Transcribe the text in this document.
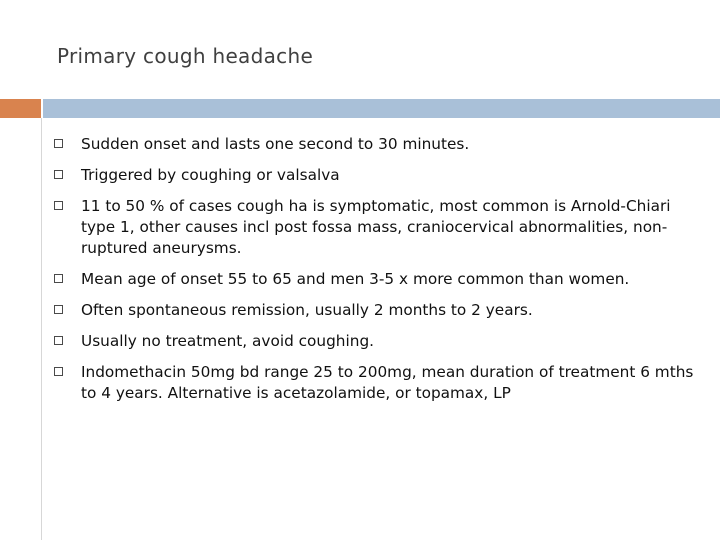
Primary cough headache
Sudden onset and lasts one second to 30 minutes.
Triggered by coughing or valsalva
11 to 50 % of cases cough ha is symptomatic, most common is Arnold-Chiari type 1, other causes incl post fossa mass, craniocervical abnormalities, non-ruptured aneurysms.
Mean age of onset 55 to 65 and men 3-5 x more common than women.
Often spontaneous remission, usually 2 months to 2 years.
Usually no treatment, avoid coughing.
Indomethacin 50mg bd range 25 to 200mg, mean duration of treatment 6 mths to 4 years. Alternative is acetazolamide, or topamax, LP
